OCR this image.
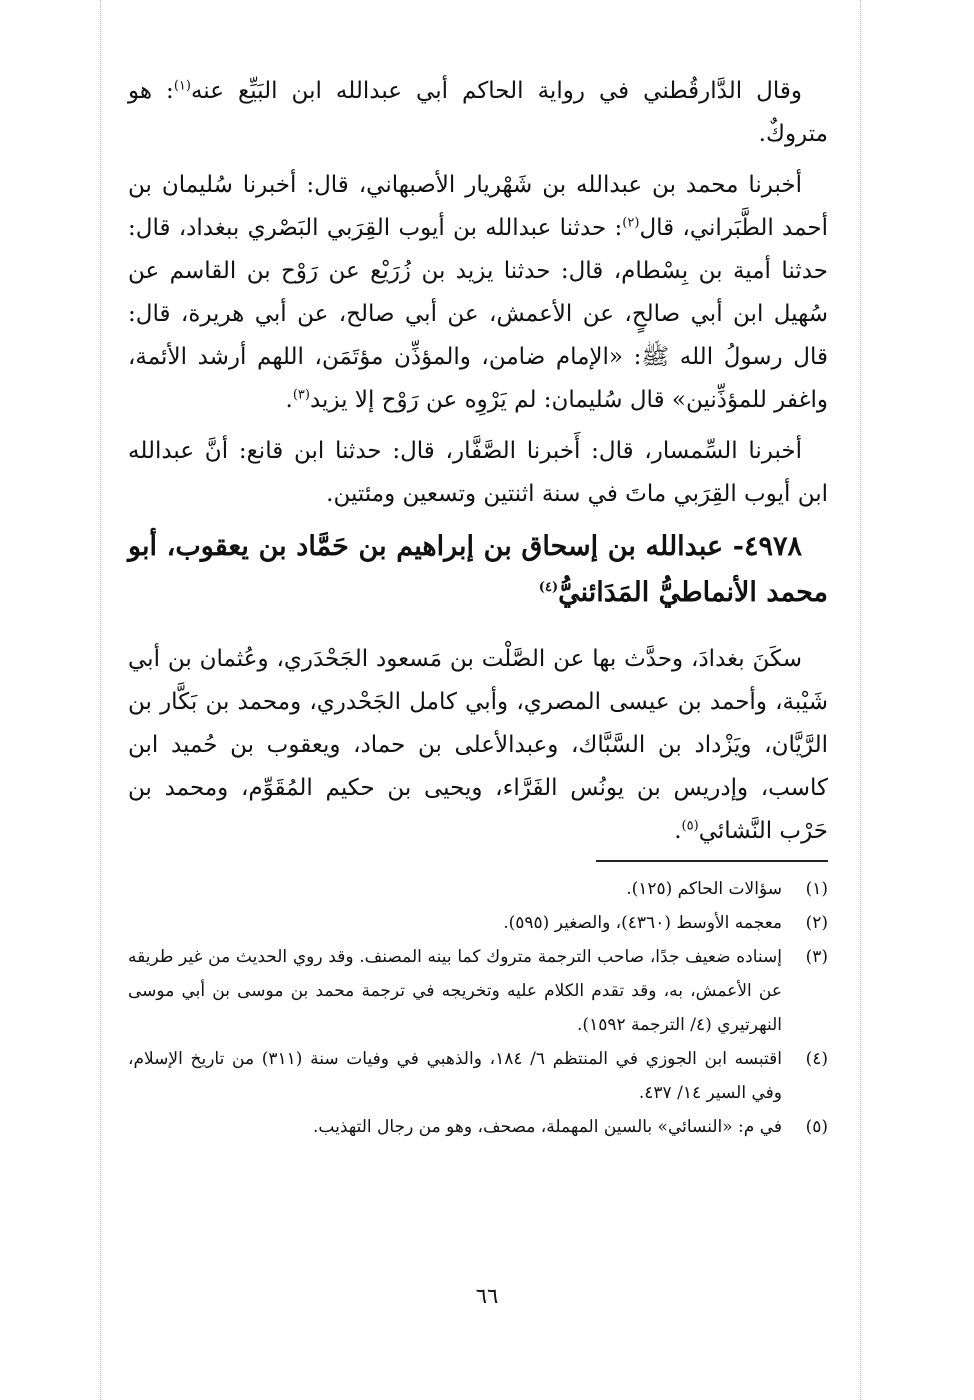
وقال الدَّارقُطني في رواية الحاكم أبي عبدالله ابن البَيِّع عنه$^{(١)}$: هو متروكٌ.

أخبرنا محمد بن عبدالله بن شَهْريار الأصبهاني، قال: أخبرنا سُليمان بن أحمد الطَّبَراني، قال$^{(٢)}$: حدثنا عبدالله بن أيوب القِرَبي البَصْري ببغداد، قال: حدثنا أمية بن بِسْطام، قال: حدثنا يزيد بن زُرَيْع عن رَوْح بن القاسم عن سُهيل ابن أبي صالحٍ، عن الأعمش، عن أبي صالح، عن أبي هريرة، قال: قال رسولُ الله ﷺ: «الإمام ضامن، والمؤذِّن مؤتَمَن، اللهم أرشد الأئمة، واغفر للمؤذِّنين» قال سُليمان: لم يَرْوِه عن رَوْح إلا يزيد$^{(٣)}$.

أخبرنا السِّمسار، قال: أَخبرنا الصَّفَّار، قال: حدثنا ابن قانع: أنَّ عبدالله ابن أيوب القِرَبي ماتَ في سنة اثنتين وتسعين ومئتين.

٤٩٧٨- عبدالله بن إسحاق بن إبراهيم بن حَمَّاد بن يعقوب، أبو محمد الأنماطيُّ المَدَائنيُّ$^{(٤)}$

سكَنَ بغدادَ، وحدَّث بها عن الصَّلْت بن مَسعود الجَحْدَري، وعُثمان بن أبي شَيْبة، وأحمد بن عيسى المصري، وأبي كامل الجَحْدري، ومحمد بن بَكَّار بن الرَّيَّان، ويَزْداد بن السَّبَّاك، وعبدالأعلى بن حماد، ويعقوب بن حُميد ابن كاسب، وإدريس بن يونُس الفَرَّاء، ويحيى بن حكيم المُقَوِّم، ومحمد بن حَرْب النَّشائي$^{(٥)}$.

(١)
سؤالات الحاكم (١٢٥).
(٢)
معجمه الأوسط (٤٣٦٠)، والصغير (٥٩٥).
(٣)
إسناده ضعيف جدًا، صاحب الترجمة متروك كما بينه المصنف. وقد روي الحديث من غير طريقه عن الأعمش، به، وقد تقدم الكلام عليه وتخريجه في ترجمة محمد بن موسى بن أبي موسى النهرتيري (٤/ الترجمة ١٥٩٢).
(٤)
اقتبسه ابن الجوزي في المنتظم ٦/ ١٨٤، والذهبي في وفيات سنة (٣١١) من تاريخ الإسلام، وفي السير ١٤/ ٤٣٧.
(٥)
في م: «النسائي» بالسين المهملة، مصحف، وهو من رجال التهذيب.
٦٦
